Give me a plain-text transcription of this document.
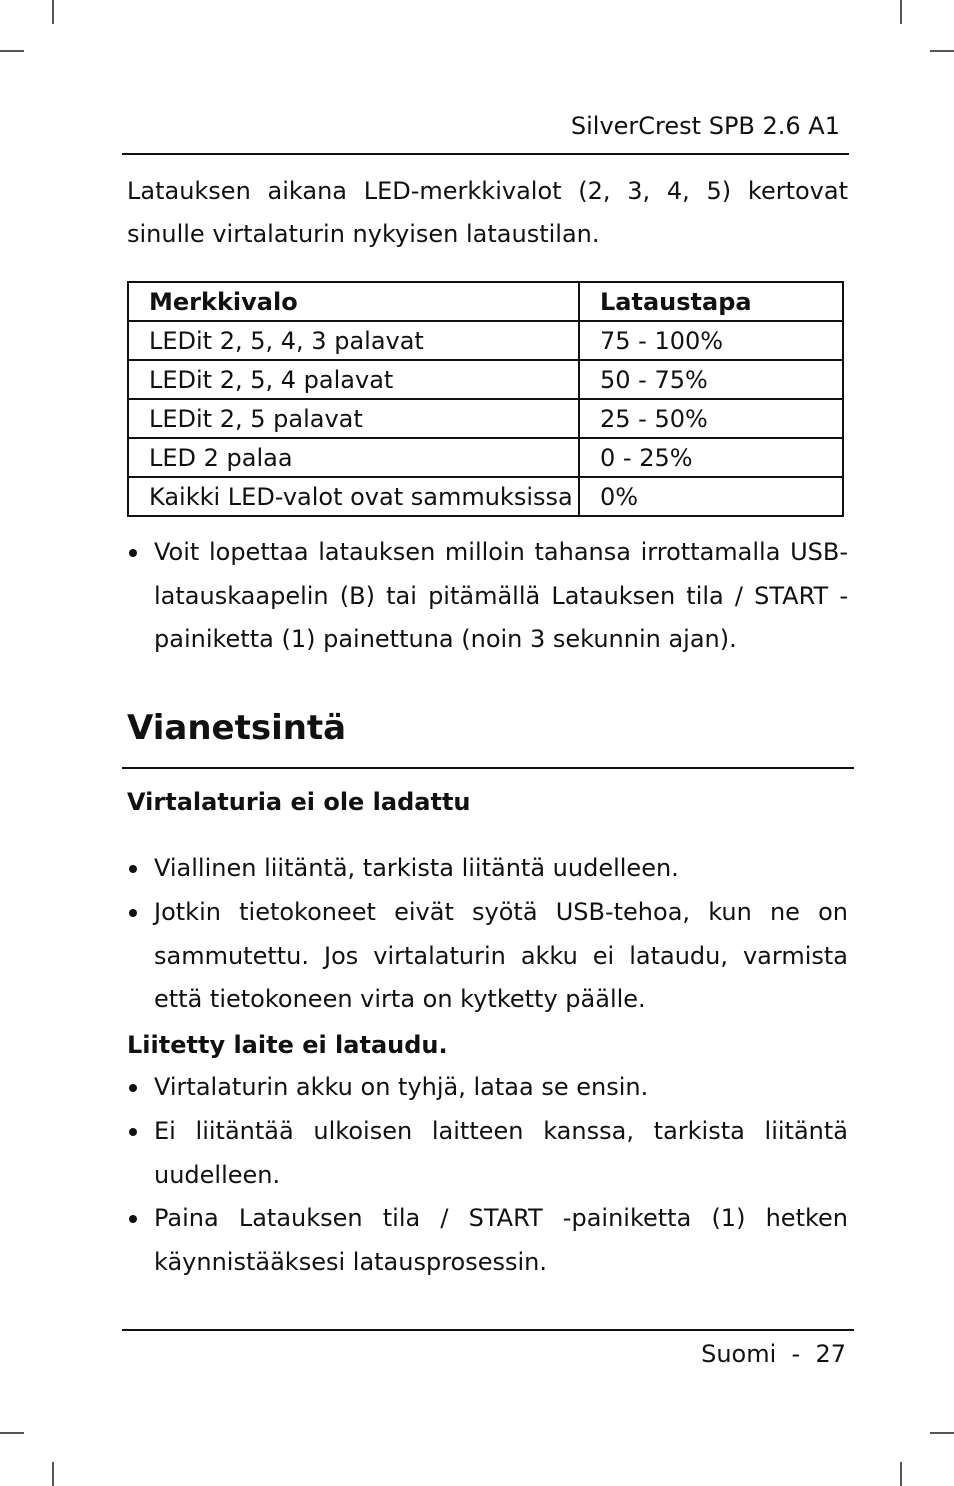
SilverCrest SPB 2.6 A1
Latauksen aikana LED-merkkivalot (2, 3, 4, 5) kertovat sinulle virtalaturin nykyisen lataustilan.
Merkkivalo	Lataustapa
LEDit 2, 5, 4, 3 palavat	75 - 100%
LEDit 2, 5, 4 palavat	50 - 75%
LEDit 2, 5 palavat	25 - 50%
LED 2 palaa	0 - 25%
Kaikki LED-valot ovat sammuksissa	0%
Voit lopettaa latauksen milloin tahansa irrottamalla USB-latauskaapelin (B) tai pitämällä Latauksen tila / START -painiketta (1) painettuna (noin 3 sekunnin ajan).
Vianetsintä
Virtalaturia ei ole ladattu
Viallinen liitäntä, tarkista liitäntä uudelleen.
Jotkin tietokoneet eivät syötä USB-tehoa, kun ne on sammutettu. Jos virtalaturin akku ei lataudu, varmista että tietokoneen virta on kytketty päälle.
Liitetty laite ei lataudu.
Virtalaturin akku on tyhjä, lataa se ensin.
Ei liitäntää ulkoisen laitteen kanssa, tarkista liitäntä uudelleen.
Paina Latauksen tila / START -painiketta (1) hetken käynnistääksesi latausprosessin.
Suomi  -  27
